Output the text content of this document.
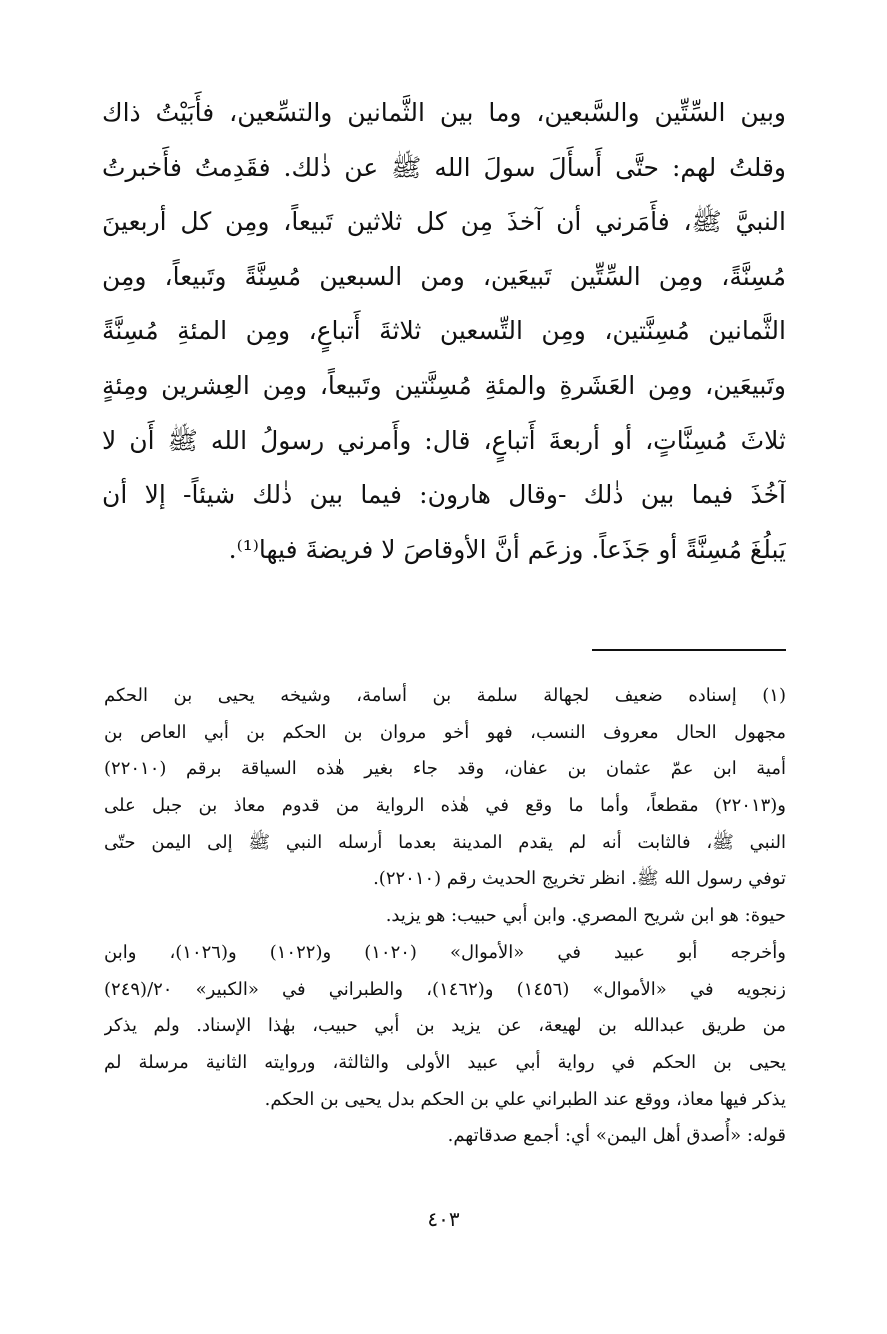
وبين السِّتِّين والسَّبعين، وما بين الثَّمانين والتسِّعين، فأَبَيْتُ ذاك
وقلتُ لهم: حتَّى أَسأَلَ سولَ الله ﷺ عن ذٰلك. فقَدِمتُ فأَخبرتُ
النبيَّ ﷺ، فأَمَرني أن آخذَ مِن كل ثلاثين تَبيعاً، ومِن كل أربعينَ
مُسِنَّةً، ومِن السِّتِّين تَبيعَين، ومن السبعين مُسِنَّةً وتَبيعاً، ومِن
الثَّمانين مُسِنَّتين، ومِن التِّسعين ثلاثةَ أَتباعٍ، ومِن المئةِ مُسِنَّةً
وتَبيعَين، ومِن العَشَرةِ والمئةِ مُسِنَّتين وتَبيعاً، ومِن العِشرين ومِئةٍ
ثلاثَ مُسِنَّاتٍ، أو أربعةَ أَتباعٍ، قال: وأَمرني رسولُ الله ﷺ أَن لا
آخُذَ فيما بين ذٰلك -وقال هارون: فيما بين ذٰلك شيئاً- إلا أن
يَبلُغَ مُسِنَّةً أو جَذَعاً. وزعَم أنَّ الأوقاصَ لا فريضةَ فيها⁽¹⁾.
(١) إسناده ضعيف لجهالة سلمة بن أسامة، وشيخه يحيى بن الحكم
مجهول الحال معروف النسب، فهو أخو مروان بن الحكم بن أبي العاص بن
أمية ابن عمّ عثمان بن عفان، وقد جاء بغير هٰذه السياقة برقم (٢٢٠١٠)
و(٢٢٠١٣) مقطعاً، وأما ما وقع في هٰذه الرواية من قدوم معاذ بن جبل على
النبي ﷺ، فالثابت أنه لم يقدم المدينة بعدما أرسله النبي ﷺ إلى اليمن حتّى
توفي رسول الله ﷺ. انظر تخريج الحديث رقم (٢٢٠١٠).
حيوة: هو ابن شريح المصري. وابن أبي حبيب: هو يزيد.
وأخرجه أبو عبيد في «الأموال» (١٠٢٠) و(١٠٢٢) و(١٠٢٦)، وابن
زنجويه في «الأموال» (١٤٥٦) و(١٤٦٢)، والطبراني في «الكبير» ٢٠/(٢٤٩)
من طريق عبدالله بن لهيعة، عن يزيد بن أبي حبيب، بهٰذا الإسناد. ولم يذكر
يحيى بن الحكم في رواية أبي عبيد الأولى والثالثة، وروايته الثانية مرسلة لم
يذكر فيها معاذ، ووقع عند الطبراني علي بن الحكم بدل يحيى بن الحكم.
قوله: «أُصدق أهل اليمن» أي: أجمع صدقاتهم.
٤٠٣
